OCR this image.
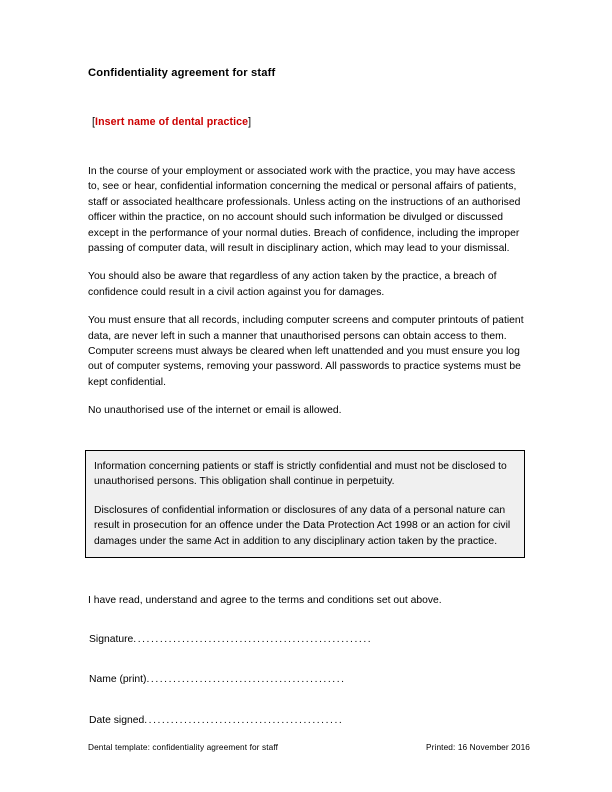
Confidentiality agreement for staff

[Insert name of dental practice]

In the course of your employment or associated work with the practice, you may have access to, see or hear, confidential information concerning the medical or personal affairs of patients, staff or associated healthcare professionals. Unless acting on the instructions of an authorised officer within the practice, on no account should such information be divulged or discussed except in the performance of your normal duties. Breach of confidence, including the improper passing of computer data, will result in disciplinary action, which may lead to your dismissal.

You should also be aware that regardless of any action taken by the practice, a breach of confidence could result in a civil action against you for damages.

You must ensure that all records, including computer screens and computer printouts of patient data, are never left in such a manner that unauthorised persons can obtain access to them. Computer screens must always be cleared when left unattended and you must ensure you log out of computer systems, removing your password. All passwords to practice systems must be kept confidential.

No unauthorised use of the internet or email is allowed.

Information concerning patients or staff is strictly confidential and must not be disclosed to unauthorised persons. This obligation shall continue in perpetuity.

Disclosures of confidential information or disclosures of any data of a personal nature can result in prosecution for an offence under the Data Protection Act 1998 or an action for civil damages under the same Act in addition to any disciplinary action taken by the practice.

I have read, understand and agree to the terms and conditions set out above.

Signature......................................................

Name (print).............................................

Date signed.............................................

Dental template: confidentiality agreement for staff	Printed: 16 November 2016
